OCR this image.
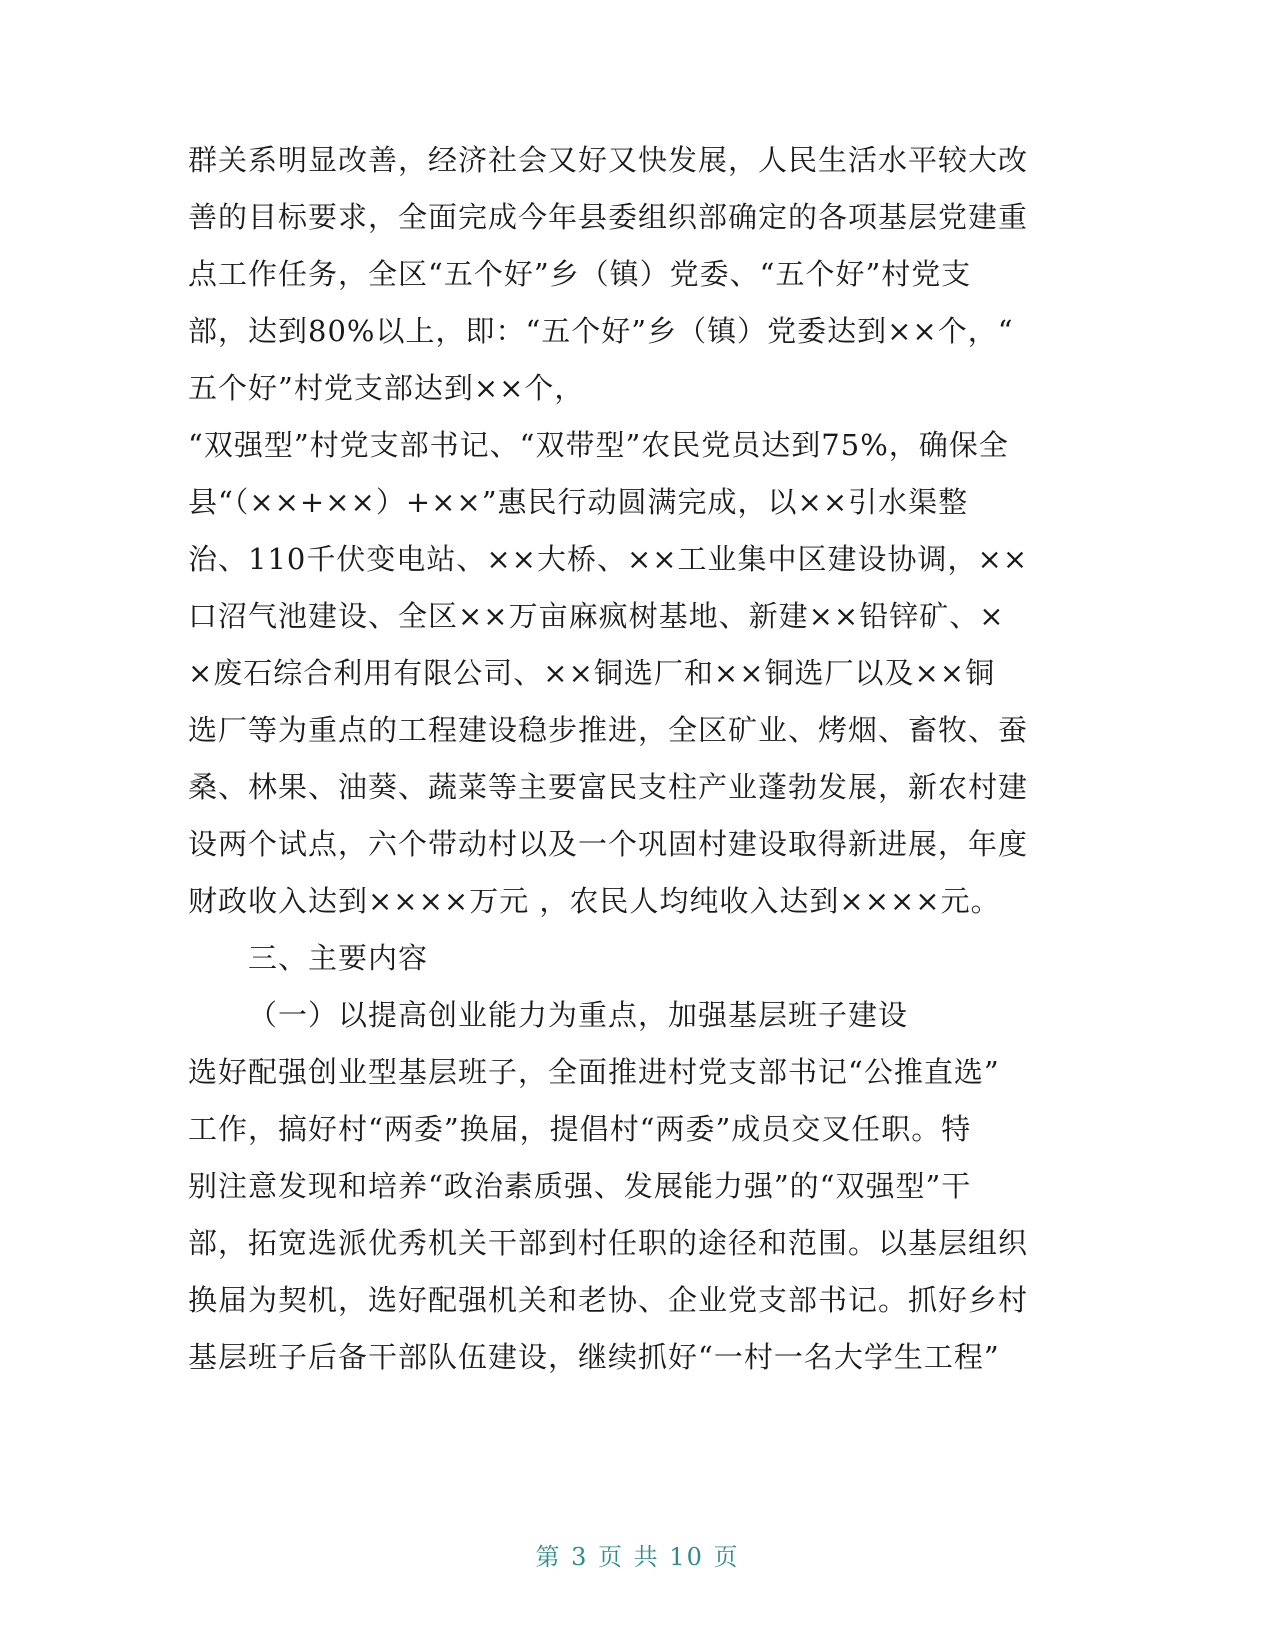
群关系明显改善，经济社会又好又快发展，人民生活水平较大改
善的目标要求，全面完成今年县委组织部确定的各项基层党建重
点工作任务，全区“五个好”乡（镇）党委、“五个好”村党支
部，达到80%以上，即：“五个好”乡（镇）党委达到××个，“
五个好”村党支部达到××个，
“双强型”村党支部书记、“双带型”农民党员达到75%，确保全
县“（××+××）+××”惠民行动圆满完成，以××引水渠整
治、110千伏变电站、××大桥、××工业集中区建设协调，××
口沼气池建设、全区××万亩麻疯树基地、新建××铅锌矿、×
×废石综合利用有限公司、××铜选厂和××铜选厂以及××铜
选厂等为重点的工程建设稳步推进，全区矿业、烤烟、畜牧、蚕
桑、林果、油葵、蔬菜等主要富民支柱产业蓬勃发展，新农村建
设两个试点，六个带动村以及一个巩固村建设取得新进展，年度
财政收入达到××××万元 ，农民人均纯收入达到××××元。
三、主要内容
（一）以提高创业能力为重点，加强基层班子建设
选好配强创业型基层班子，全面推进村党支部书记“公推直选”
工作，搞好村“两委”换届，提倡村“两委”成员交叉任职。特
别注意发现和培养“政治素质强、发展能力强”的“双强型”干
部，拓宽选派优秀机关干部到村任职的途径和范围。以基层组织
换届为契机，选好配强机关和老协、企业党支部书记。抓好乡村
基层班子后备干部队伍建设，继续抓好“一村一名大学生工程”
第 3 页 共 10 页
